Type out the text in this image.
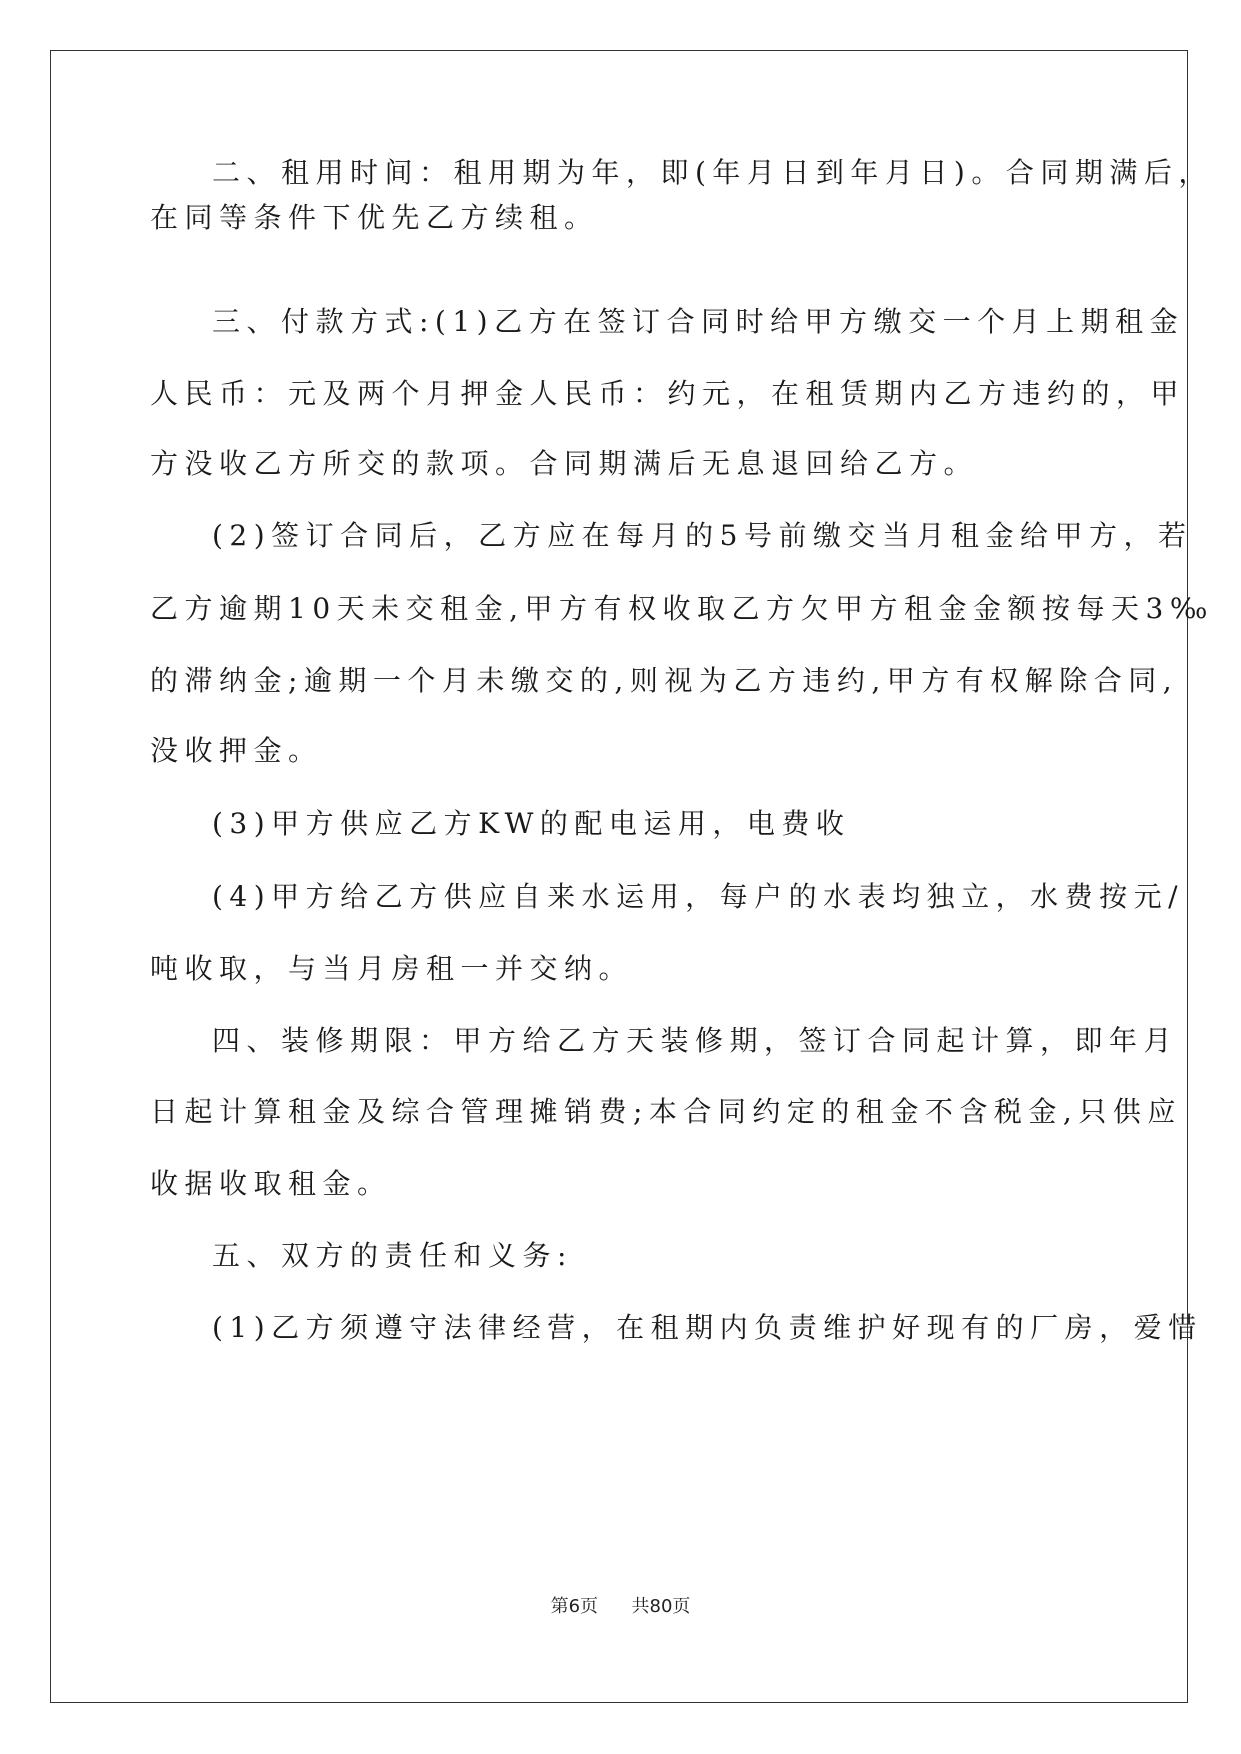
二、租用时间：租用期为年，即(年月日到年月日)。合同期满后，
在同等条件下优先乙方续租。
三、付款方式:(1)乙方在签订合同时给甲方缴交一个月上期租金
人民币：元及两个月押金人民币：约元，在租赁期内乙方违约的，甲
方没收乙方所交的款项。合同期满后无息退回给乙方。
(2)签订合同后，乙方应在每月的5号前缴交当月租金给甲方，若
乙方逾期10天未交租金,甲方有权收取乙方欠甲方租金金额按每天3‰
的滞纳金;逾期一个月未缴交的,则视为乙方违约,甲方有权解除合同,
没收押金。
(3)甲方供应乙方KW的配电运用，电费收
(4)甲方给乙方供应自来水运用，每户的水表均独立，水费按元/
吨收取，与当月房租一并交纳。
四、装修期限：甲方给乙方天装修期，签订合同起计算，即年月
日起计算租金及综合管理摊销费;本合同约定的租金不含税金,只供应
收据收取租金。
五、双方的责任和义务:
(1)乙方须遵守法律经营，在租期内负责维护好现有的厂房，爱惜
第6页 共80页
